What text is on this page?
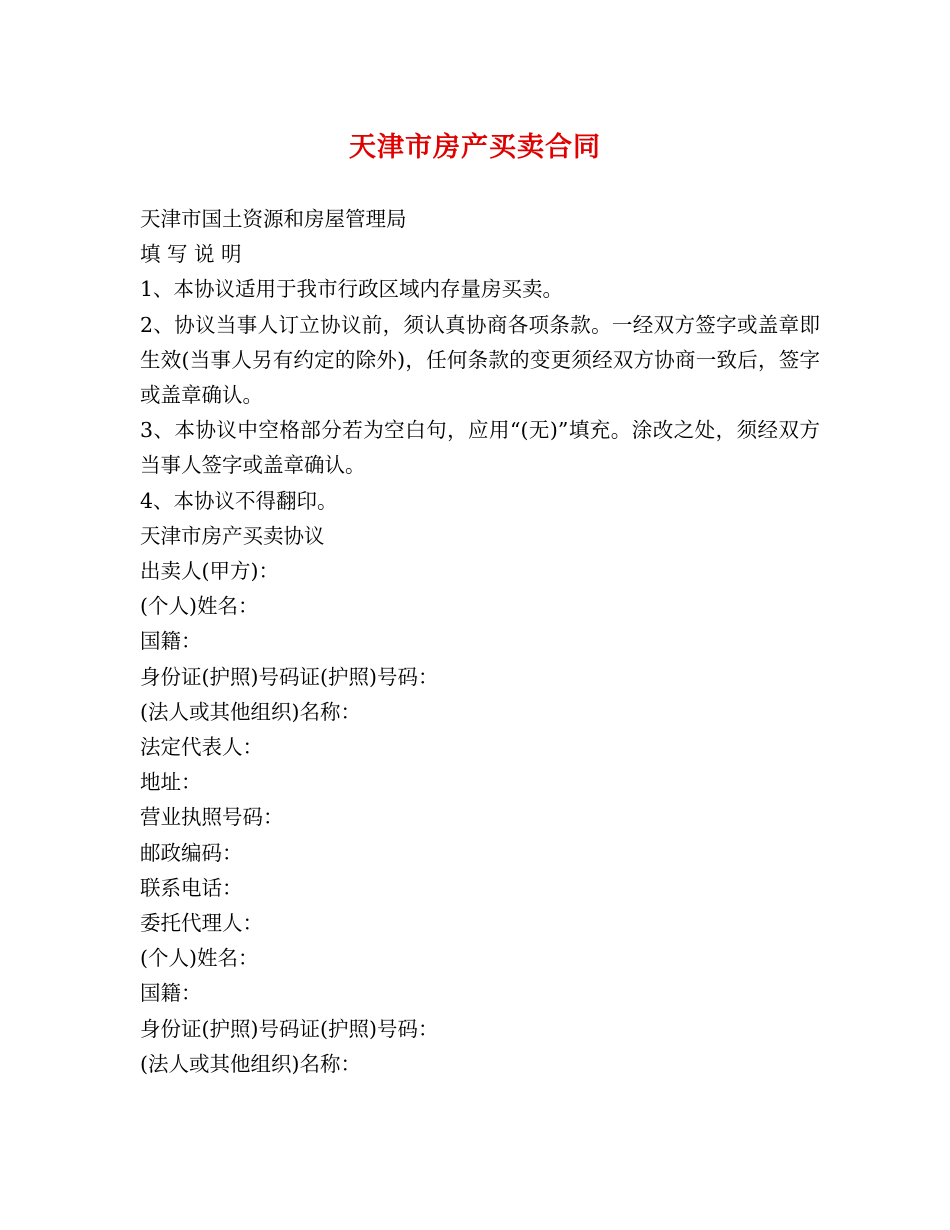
天津市房产买卖合同

天津市国土资源和房屋管理局

填 写 说 明

1、本协议适用于我市行政区域内存量房买卖。

2、协议当事人订立协议前，须认真协商各项条款。一经双方签字或盖章即生效(当事人另有约定的除外)，任何条款的变更须经双方协商一致后，签字或盖章确认。

3、本协议中空格部分若为空白句，应用“(无)”填充。涂改之处，须经双方当事人签字或盖章确认。

4、本协议不得翻印。

天津市房产买卖协议

出卖人(甲方)：

(个人)姓名：

国籍：

身份证(护照)号码证(护照)号码：

(法人或其他组织)名称：

法定代表人：

地址：

营业执照号码：

邮政编码：

联系电话：

委托代理人：

(个人)姓名：

国籍：

身份证(护照)号码证(护照)号码：

(法人或其他组织)名称：
